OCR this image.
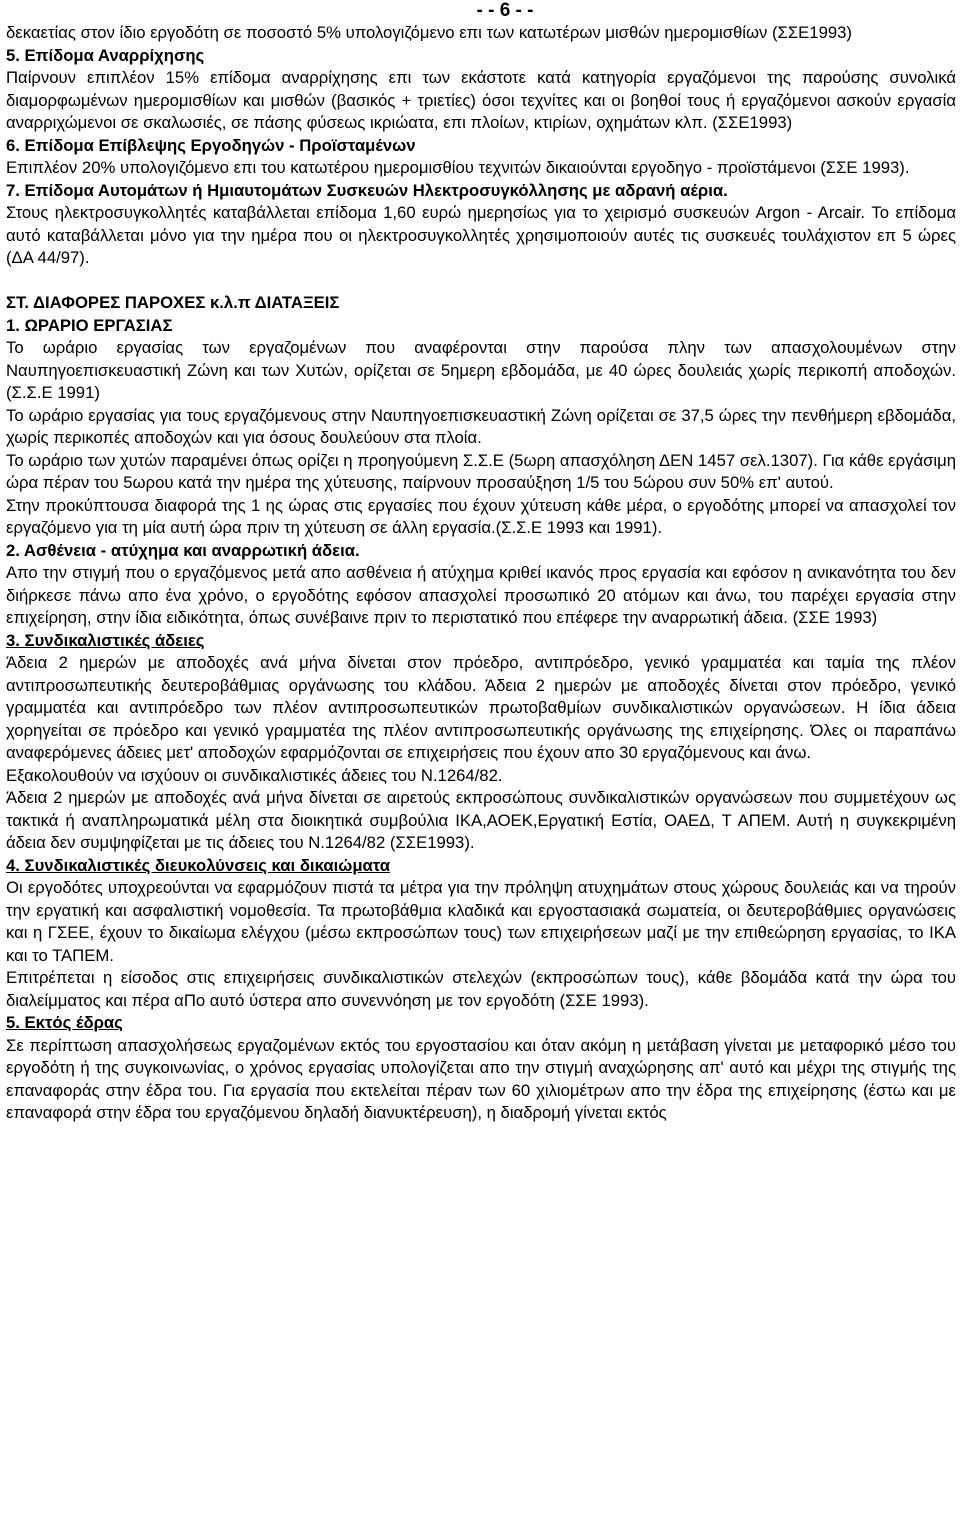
- - 6 - -

δεκαετίας στον ίδιο εργοδότη σε ποσοστό 5% υπολογιζόμενο επι των κατωτέρων μισθών ημερομισθίων (ΣΣΕ1993)

5. Επίδομα Αναρρίχησης

Παίρνουν επιπλέον 15% επίδομα αναρρίχησης επι των εκάστοτε κατά κατηγορία εργαζόμενοι της παρούσης συνολικά διαμορφωμένων ημερομισθίων και μισθών (βασικός + τριετίες) όσοι τεχνίτες και οι βοηθοί τους ή εργαζόμενοι ασκούν εργασία αναρριχώμενοι σε σκαλωσιές, σε πάσης φύσεως ικριώατα, επι πλοίων, κτιρίων, οχημάτων κλπ. (ΣΣΕ1993)

6. Επίδομα Επίβλεψης Εργοδηγών - Προϊσταμένων

Επιπλέον 20% υπολογιζόμενο επι του κατωτέρου ημερομισθίου τεχνιτών δικαιούνται εργοδηγο - προϊστάμενοι (ΣΣΕ 1993).

7. Επίδομα Αυτομάτων ή Ημιαυτομάτων Συσκευών Ηλεκτροσυγκόλλησης με αδρανή αέρια.

Στους ηλεκτροσυγκολλητές καταβάλλεται επίδομα 1,60 ευρώ ημερησίως για το χειρισμό συσκευών Argon - Arcair. Το επίδομα αυτό καταβάλλεται μόνο για την ημέρα που οι ηλεκτροσυγκολλητές χρησιμοποιούν αυτές τις συσκευές τουλάχιστον επ 5 ώρες (ΔΑ 44/97).

ΣΤ. ΔΙΑΦΟΡΕΣ ΠΑΡΟΧΕΣ κ.λ.π ΔΙΑΤΑΞΕΙΣ

1. ΩΡΑΡΙΟ ΕΡΓΑΣΙΑΣ

Το ωράριο εργασίας των εργαζομένων που αναφέρονται στην παρούσα πλην των απασχολουμένων στην Ναυπηγοεπισκευαστική Ζώνη και των Χυτών, ορίζεται σε 5ημερη εβδομάδα, με 40 ώρες δουλειάς χωρίς περικοπή αποδοχών. (Σ.Σ.Ε 1991)

Το ωράριο εργασίας για τους εργαζόμενους στην Ναυπηγοεπισκευαστική Ζώνη ορίζεται σε 37,5 ώρες την πενθήμερη εβδομάδα, χωρίς περικοπές αποδοχών και για όσους δουλεύουν στα πλοία.

Το ωράριο των χυτών παραμένει όπως ορίζει η προηγούμενη Σ.Σ.Ε (5ωρη απασχόληση ΔΕΝ 1457 σελ.1307). Για κάθε εργάσιμη ώρα πέραν του 5ωρου κατά την ημέρα της χύτευσης, παίρνουν προσαύξηση 1/5 του 5ώρου συν 50% επ' αυτού.

Στην προκύπτουσα διαφορά της 1 ης ώρας στις εργασίες που έχουν χύτευση κάθε μέρα, ο εργοδότης μπορεί να απασχολεί τον εργαζόμενο για τη μία αυτή ώρα πριν τη χύτευση σε άλλη εργασία.(Σ.Σ.Ε 1993 και 1991).

2. Ασθένεια - ατύχημα και αναρρωτική άδεια.

Απο την στιγμή που ο εργαζόμενος μετά απο ασθένεια ή ατύχημα κριθεί ικανός προς εργασία και εφόσον η ανικανότητα του δεν διήρκεσε πάνω απο ένα χρόνο, ο εργοδότης εφόσον απασχολεί προσωπικό 20 ατόμων και άνω, του παρέχει εργασία στην επιχείρηση, στην ίδια ειδικότητα, όπως συνέβαινε πριν το περιστατικό που επέφερε την αναρρωτική άδεια. (ΣΣΕ 1993)

3. Συνδικαλιστικές άδειες

Άδεια 2 ημερών με αποδοχές ανά μήνα δίνεται στον πρόεδρο, αντιπρόεδρο, γενικό γραμματέα και ταμία της πλέον αντιπροσωπευτικής δευτεροβάθμιας οργάνωσης του κλάδου. Άδεια 2 ημερών με αποδοχές δίνεται στον πρόεδρο, γενικό γραμματέα και αντιπρόεδρο των πλέον αντιπροσωπευτικών πρωτοβαθμίων συνδικαλιστικών οργανώσεων. Η ίδια άδεια χορηγείται σε πρόεδρο και γενικό γραμματέα της πλέον αντιπροσωπευτικής οργάνωσης της επιχείρησης. Όλες οι παραπάνω αναφερόμενες άδειες μετ' αποδοχών εφαρμόζονται σε επιχειρήσεις που έχουν απο 30 εργαζόμενους και άνω.

Εξακολουθούν να ισχύουν οι συνδικαλιστικές άδειες του Ν.1264/82.

Άδεια 2 ημερών με αποδοχές ανά μήνα δίνεται σε αιρετούς εκπροσώπους συνδικαλιστικών οργανώσεων που συμμετέχουν ως τακτικά ή αναπληρωματικά μέλη στα διοικητικά συμβούλια ΙΚΑ,ΑΟΕΚ,Εργατική Εστία, ΟΑΕΔ, Τ ΑΠΕΜ. Αυτή η συγκεκριμένη άδεια δεν συμψηφίζεται με τις άδειες του Ν.1264/82 (ΣΣΕ1993).

4. Συνδικαλιστικές διευκολύνσεις και δικαιώματα

Οι εργοδότες υποχρεούνται να εφαρμόζουν πιστά τα μέτρα για την πρόληψη ατυχημάτων στους χώρους δουλειάς και να τηρούν την εργατική και ασφαλιστική νομοθεσία. Τα πρωτοβάθμια κλαδικά και εργοστασιακά σωματεία, οι δευτεροβάθμιες οργανώσεις και η ΓΣΕΕ, έχουν το δικαίωμα ελέγχου (μέσω εκπροσώπων τους) των επιχειρήσεων μαζί με την επιθεώρηση εργασίας, το ΙΚΑ και το ΤΑΠΕΜ.

Επιτρέπεται η είσοδος στις επιχειρήσεις συνδικαλιστικών στελεχών (εκπροσώπων τους), κάθε βδομάδα κατά την ώρα του διαλείμματος και πέρα αΠο αυτό ύστερα απο συνεννόηση με τον εργοδότη (ΣΣΕ 1993).

5. Εκτός έδρας

Σε περίπτωση απασχολήσεως εργαζομένων εκτός του εργοστασίου και όταν ακόμη η μετάβαση γίνεται με μεταφορικό μέσο του εργοδότη ή της συγκοινωνίας, ο χρόνος εργασίας υπολογίζεται απο την στιγμή αναχώρησης απ' αυτό και μέχρι της στιγμής της επαναφοράς στην έδρα του. Για εργασία που εκτελείται πέραν των 60 χιλιομέτρων απο την έδρα της επιχείρησης (έστω και με επαναφορά στην έδρα του εργαζόμενου δηλαδή διανυκτέρευση), η διαδρομή γίνεται εκτός
